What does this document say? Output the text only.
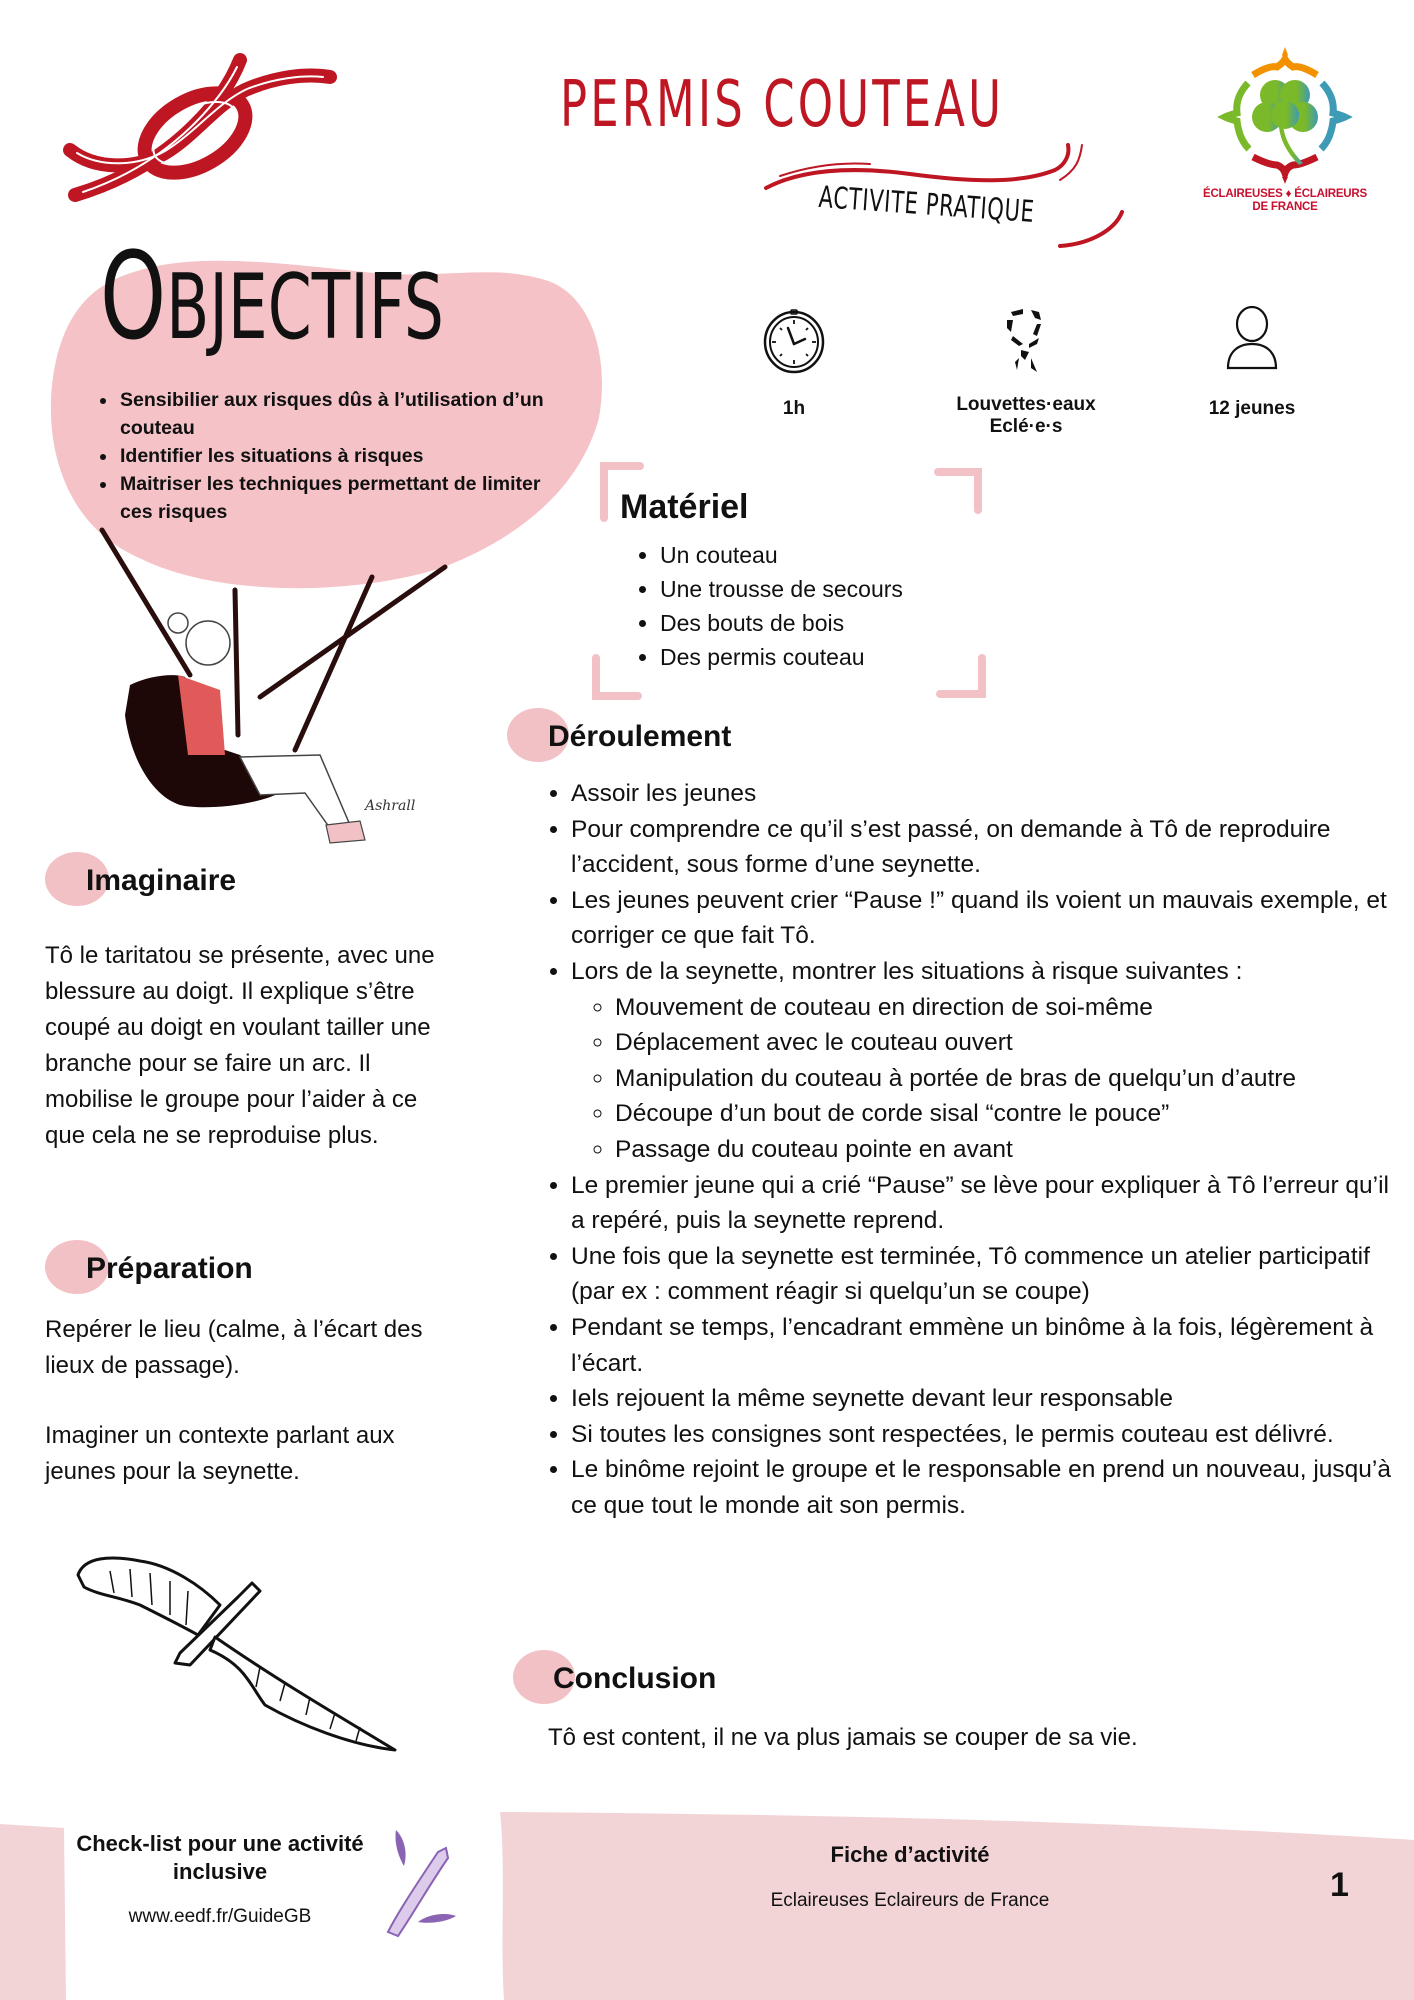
PERMIS COUTEAU
ACTIVITE PRATIQUE	ÉCLAIREUSES ♦ ÉCLAIREURS
DE FRANCE
Ashrall
OBJECTIFS
• Sensibilier aux risques dûs à l’utilisation d’un couteau
• Identifier les situations à risques
• Maitriser les techniques permettant de limiter ces risques
1h	Louvettes·eaux
Eclé·e·s
12 jeunes
Matériel
• Un couteau
• Une trousse de secours
• Des bouts de bois
• Des permis couteau
Imaginaire
Tô le taritatou se présente, avec une blessure au doigt. Il explique s’être coupé au doigt en voulant tailler une branche pour se faire un arc. Il mobilise le groupe pour l’aider à ce que cela ne se reproduise plus.
Préparation
Repérer le lieu (calme, à l’écart des lieux de passage).
Imaginer un contexte parlant aux jeunes pour la seynette.
Déroulement
• Assoir les jeunes
• Pour comprendre ce qu’il s’est passé, on demande à Tô de reproduire l’accident, sous forme d’une seynette.
• Les jeunes peuvent crier “Pause !” quand ils voient un mauvais exemple, et corriger ce que fait Tô.
• Lors de la seynette, montrer les situations à risque suivantes :
◦ Mouvement de couteau en direction de soi-même
◦ Déplacement avec le couteau ouvert
◦ Manipulation du couteau à portée de bras de quelqu’un d’autre
◦ Découpe d’un bout de corde sisal “contre le pouce”
◦ Passage du couteau pointe en avant
• Le premier jeune qui a crié “Pause” se lève pour expliquer à Tô l’erreur qu’il a repéré, puis la seynette reprend.
• Une fois que la seynette est terminée, Tô commence un atelier participatif (par ex : comment réagir si quelqu’un se coupe)
• Pendant se temps, l’encadrant emmène un binôme à la fois, légèrement à l’écart.
• Iels rejouent la même seynette devant leur responsable
• Si toutes les consignes sont respectées, le permis couteau est délivré.
• Le binôme rejoint le groupe et le responsable en prend un nouveau, jusqu’à ce que tout le monde ait son permis.
Conclusion
Tô est content, il ne va plus jamais se couper de sa vie.
Check-list pour une activité inclusive
www.eedf.fr/GuideGB
Fiche d’activité
Eclaireuses Eclaireurs de France	1
